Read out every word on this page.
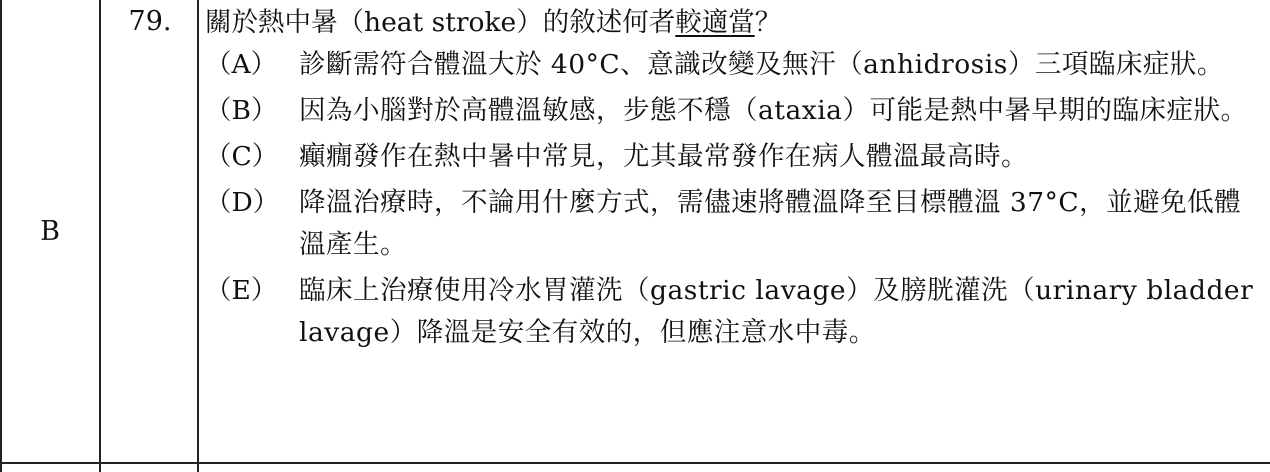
B
79.	關於熱中暑（heat stroke）的敘述何者較適當？

（A） 診斷需符合體溫大於 40°C、意識改變及無汗（anhidrosis）三項臨床症狀。
（B） 因為小腦對於高體溫敏感，步態不穩（ataxia）可能是熱中暑早期的臨床症狀。
（C） 癲癇發作在熱中暑中常見，尤其最常發作在病人體溫最高時。
（D） 降溫治療時，不論用什麼方式，需儘速將體溫降至目標體溫 37°C，並避免低體溫產生。
（E） 臨床上治療使用冷水胃灌洗（gastric lavage）及膀胱灌洗（urinary bladder lavage）降溫是安全有效的，但應注意水中毒。
